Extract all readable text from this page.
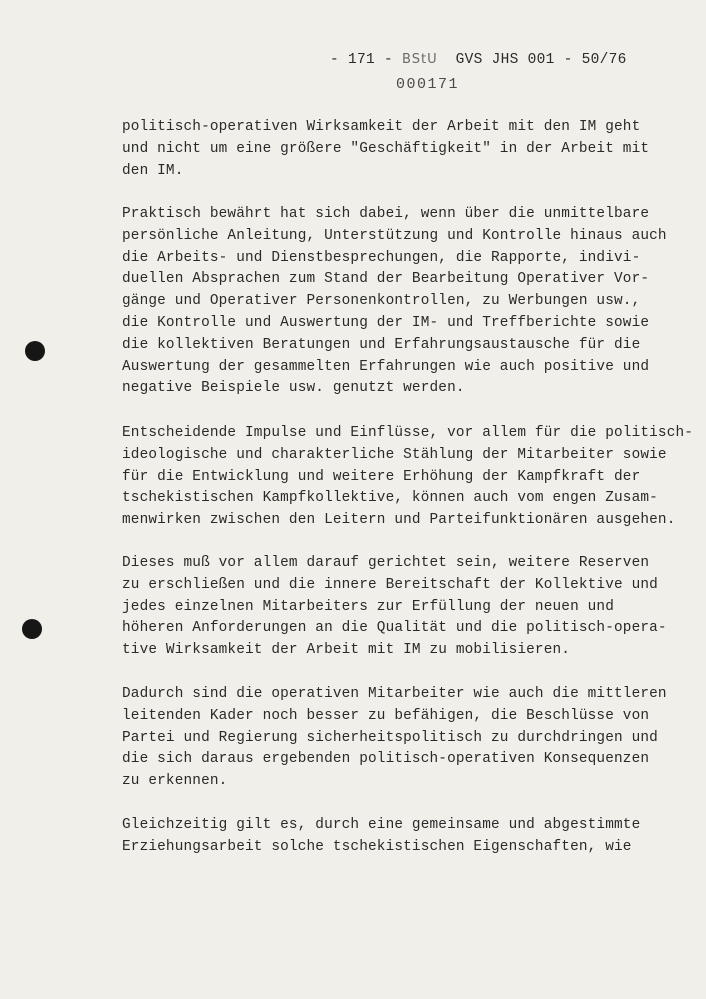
- 171 - BStU GVS JHS 001 - 50/76
000171

politisch-operativen Wirksamkeit der Arbeit mit den IM geht
und nicht um eine größere "Geschäftigkeit" in der Arbeit mit
den IM.

Praktisch bewährt hat sich dabei, wenn über die unmittelbare
persönliche Anleitung, Unterstützung und Kontrolle hinaus auch
die Arbeits- und Dienstbesprechungen, die Rapporte, indivi-
duellen Absprachen zum Stand der Bearbeitung Operativer Vor-
gänge und Operativer Personenkontrollen, zu Werbungen usw.,
die Kontrolle und Auswertung der IM- und Treffberichte sowie
die kollektiven Beratungen und Erfahrungsaustausche für die
Auswertung der gesammelten Erfahrungen wie auch positive und
negative Beispiele usw. genutzt werden.

Entscheidende Impulse und Einflüsse, vor allem für die politisch-
ideologische und charakterliche Stählung der Mitarbeiter sowie
für die Entwicklung und weitere Erhöhung der Kampfkraft der
tschekistischen Kampfkollektive, können auch vom engen Zusam-
menwirken zwischen den Leitern und Parteifunktionären ausgehen.

Dieses muß vor allem darauf gerichtet sein, weitere Reserven
zu erschließen und die innere Bereitschaft der Kollektive und
jedes einzelnen Mitarbeiters zur Erfüllung der neuen und
höheren Anforderungen an die Qualität und die politisch-opera-
tive Wirksamkeit der Arbeit mit IM zu mobilisieren.

Dadurch sind die operativen Mitarbeiter wie auch die mittleren
leitenden Kader noch besser zu befähigen, die Beschlüsse von
Partei und Regierung sicherheitspolitisch zu durchdringen und
die sich daraus ergebenden politisch-operativen Konsequenzen
zu erkennen.

Gleichzeitig gilt es, durch eine gemeinsame und abgestimmte
Erziehungsarbeit solche tschekistischen Eigenschaften, wie
